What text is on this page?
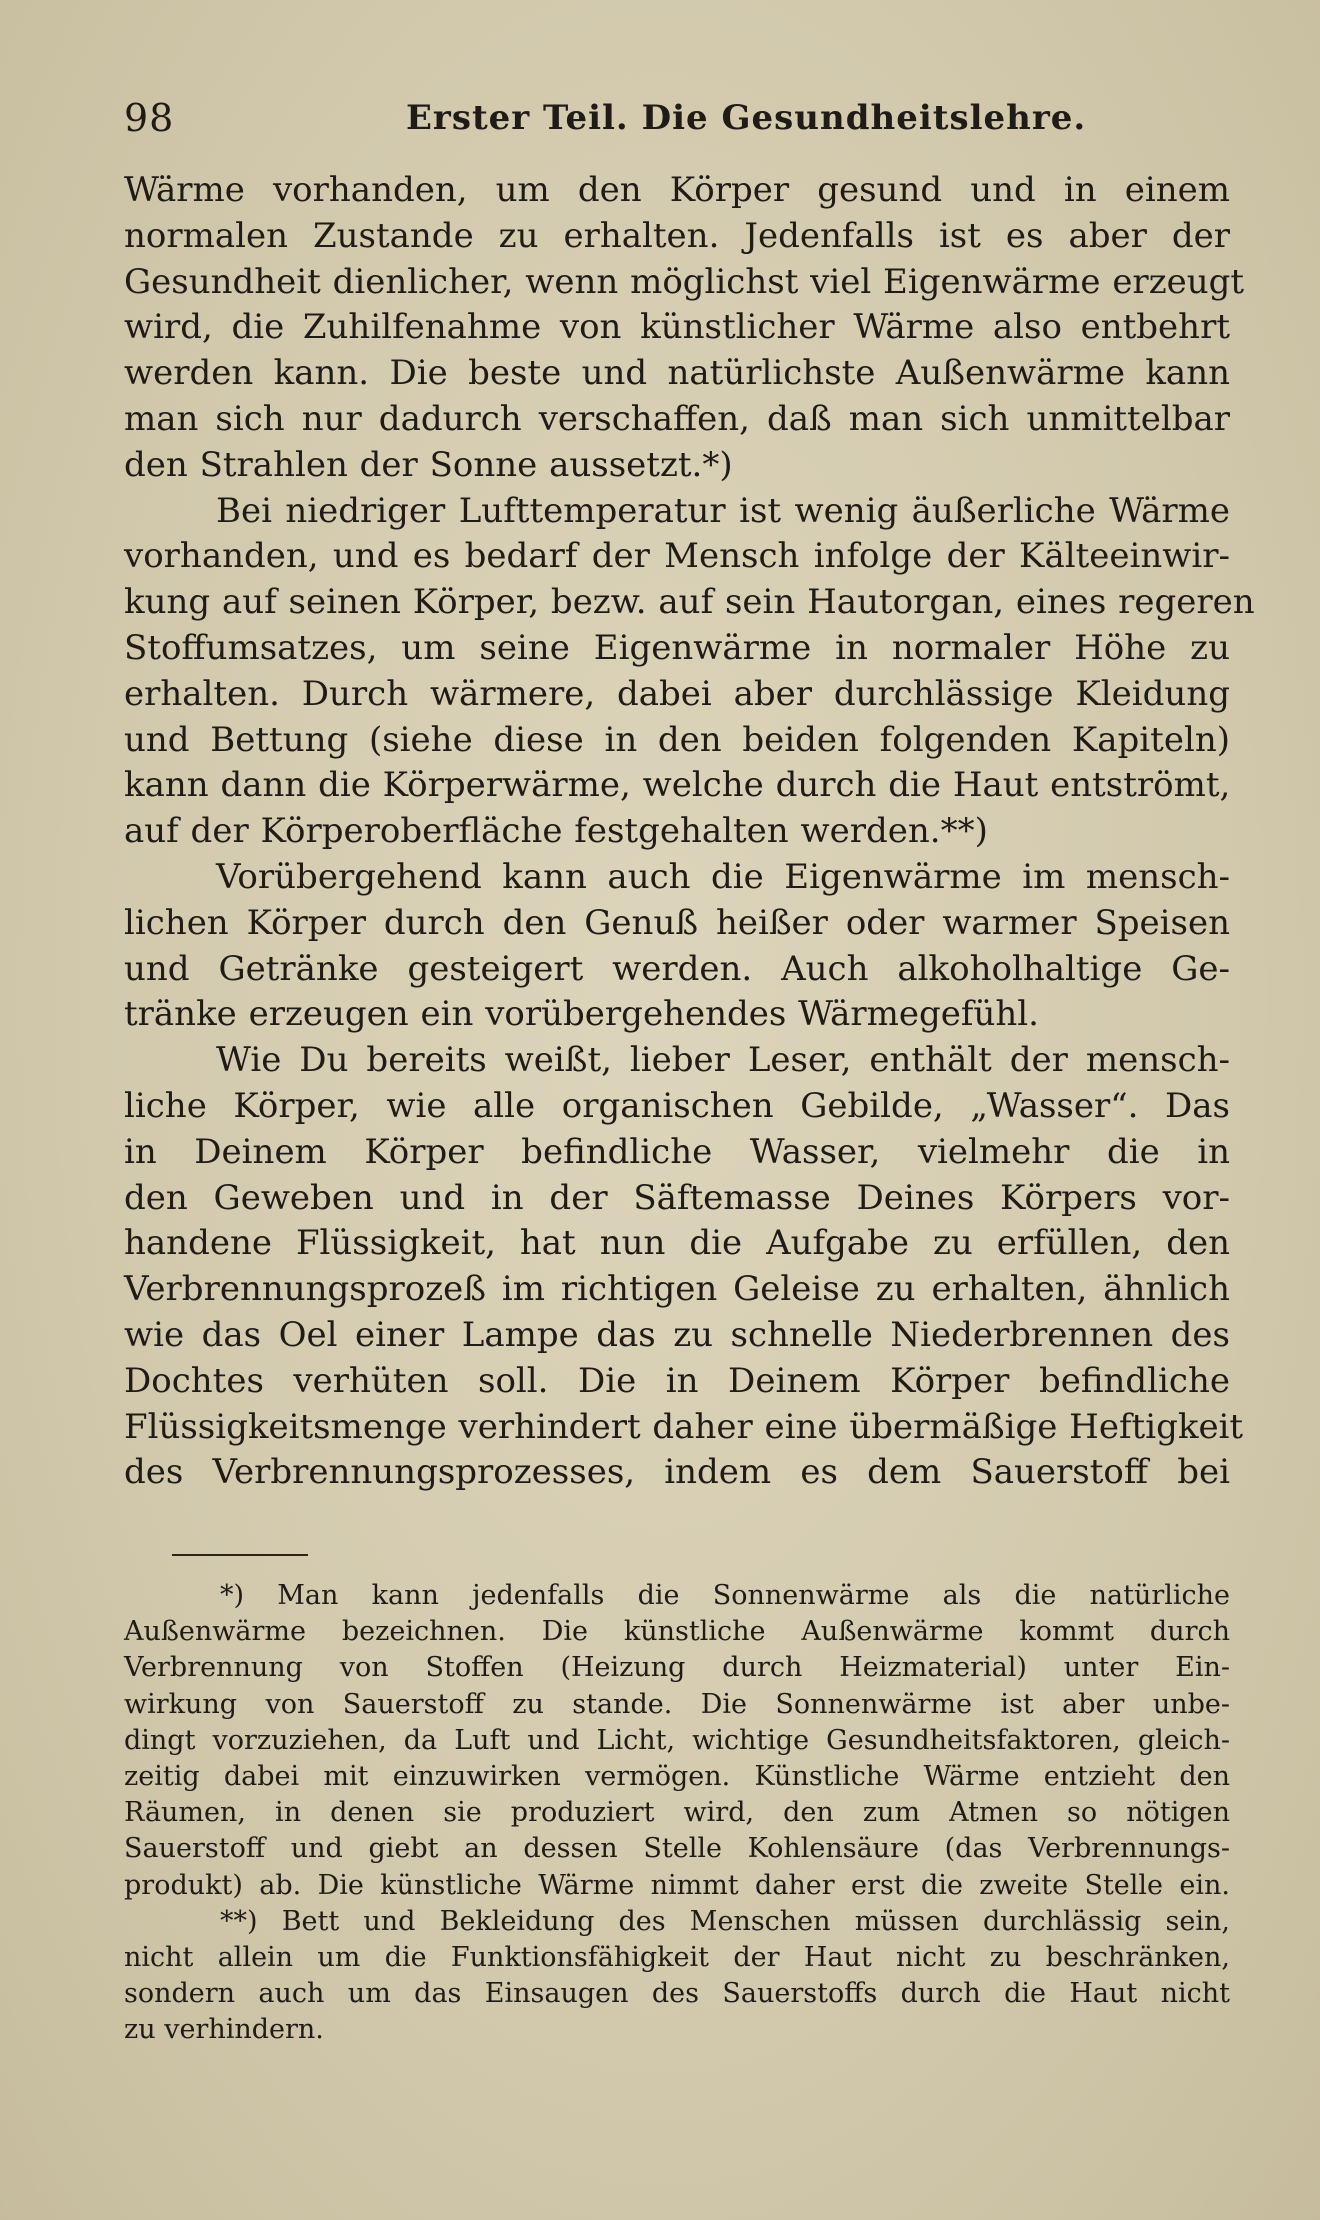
98	Erster Teil. Die Gesundheitslehre.
Wärme vorhanden, um den Körper gesund und in einem
normalen Zustande zu erhalten. Jedenfalls ist es aber der
Gesundheit dienlicher, wenn möglichst viel Eigenwärme erzeugt
wird, die Zuhilfenahme von künstlicher Wärme also entbehrt
werden kann. Die beste und natürlichste Außenwärme kann
man sich nur dadurch verschaffen, daß man sich unmittelbar
den Strahlen der Sonne aussetzt.*)
Bei niedriger Lufttemperatur ist wenig äußerliche Wärme
vorhanden, und es bedarf der Mensch infolge der Kälteeinwir-
kung auf seinen Körper, bezw. auf sein Hautorgan, eines regeren
Stoffumsatzes, um seine Eigenwärme in normaler Höhe zu
erhalten. Durch wärmere, dabei aber durchlässige Kleidung
und Bettung (siehe diese in den beiden folgenden Kapiteln)
kann dann die Körperwärme, welche durch die Haut entströmt,
auf der Körperoberfläche festgehalten werden.**)
Vorübergehend kann auch die Eigenwärme im mensch-
lichen Körper durch den Genuß heißer oder warmer Speisen
und Getränke gesteigert werden. Auch alkoholhaltige Ge-
tränke erzeugen ein vorübergehendes Wärmegefühl.
Wie Du bereits weißt, lieber Leser, enthält der mensch-
liche Körper, wie alle organischen Gebilde, „Wasser“. Das
in Deinem Körper befindliche Wasser, vielmehr die in
den Geweben und in der Säftemasse Deines Körpers vor-
handene Flüssigkeit, hat nun die Aufgabe zu erfüllen, den
Verbrennungsprozeß im richtigen Geleise zu erhalten, ähnlich
wie das Oel einer Lampe das zu schnelle Niederbrennen des
Dochtes verhüten soll. Die in Deinem Körper befindliche
Flüssigkeitsmenge verhindert daher eine übermäßige Heftigkeit
des Verbrennungsprozesses, indem es dem Sauerstoff bei
*) Man kann jedenfalls die Sonnenwärme als die natürliche
Außenwärme bezeichnen. Die künstliche Außenwärme kommt durch
Verbrennung von Stoffen (Heizung durch Heizmaterial) unter Ein-
wirkung von Sauerstoff zu stande. Die Sonnenwärme ist aber unbe-
dingt vorzuziehen, da Luft und Licht, wichtige Gesundheitsfaktoren, gleich-
zeitig dabei mit einzuwirken vermögen. Künstliche Wärme entzieht den
Räumen, in denen sie produziert wird, den zum Atmen so nötigen
Sauerstoff und giebt an dessen Stelle Kohlensäure (das Verbrennungs-
produkt) ab. Die künstliche Wärme nimmt daher erst die zweite Stelle ein.
**) Bett und Bekleidung des Menschen müssen durchlässig sein,
nicht allein um die Funktionsfähigkeit der Haut nicht zu beschränken,
sondern auch um das Einsaugen des Sauerstoffs durch die Haut nicht
zu verhindern.
